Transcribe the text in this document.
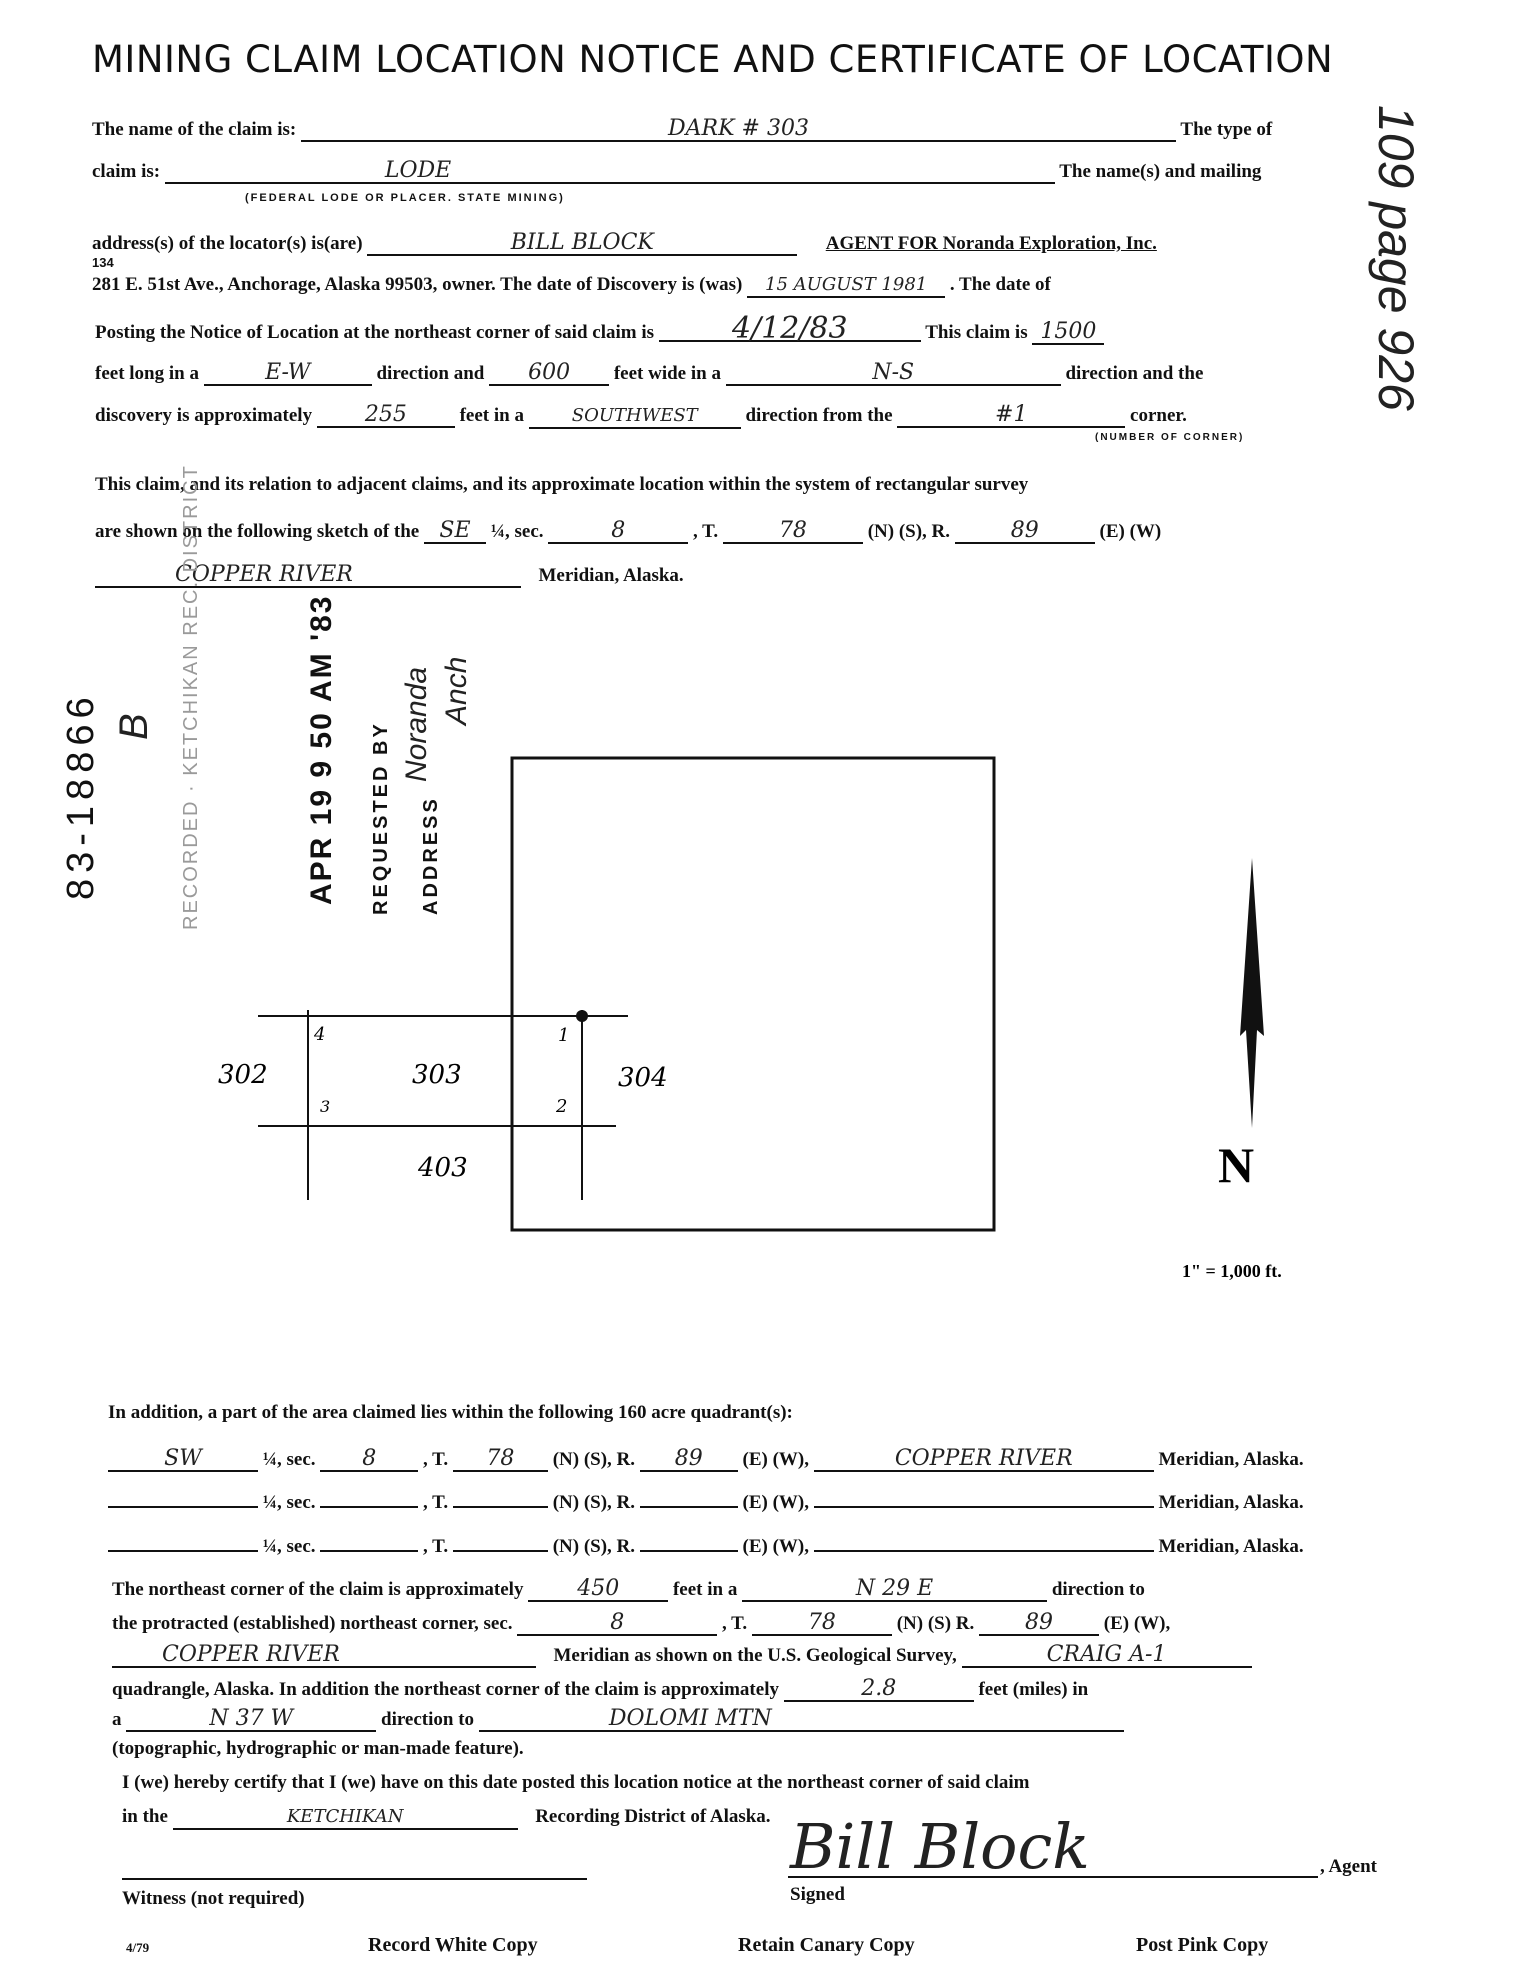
MINING CLAIM LOCATION NOTICE AND CERTIFICATE OF LOCATION
The name of the claim is:	DARK # 303	The type of
claim is:	LODE	The name(s) and mailing
(FEDERAL LODE OR PLACER. STATE MINING)
address(s) of the locator(s) is(are)	BILL BLOCK	AGENT FOR Noranda Exploration, Inc.
134
281 E. 51st Ave., Anchorage, Alaska 99503, owner. The date of Discovery is (was) 15 AUGUST 1981 . The date of
Posting the Notice of Location at the northeast corner of said claim is	4/12/83	This claim is 1500
feet long in a	E-W	direction and 600 feet wide in a	N-S	direction and the
discovery is approximately 255	feet in a	SOUTHWEST	direction from the	#1	corner.
(NUMBER OF CORNER)
This claim, and its relation to adjacent claims, and its approximate location within the system of rectangular survey
are shown on the following sketch of the SE ¼, sec.	8	, T.	78	(N) (S), R.	89	(E) (W)
COPPER RIVER	Meridian, Alaska.
83-18866 B RECORDED · KETCHIKAN REC. DISTRICT	APR 19 9 50 AM '83 REQUESTED BY ADDRESS
Noranda Anch
109 page 926
302	303	304
403
1
2
3
4
N
1" = 1,000 ft.
In addition, a part of the area claimed lies within the following 160 acre quadrant(s):
SW	¼, sec. 8 , T. 78 (N) (S), R. 89 (E) (W),	COPPER RIVER	Meridian, Alaska.
¼, sec.	, T.	(N) (S), R.	(E) (W),	Meridian, Alaska.
¼, sec.	, T.	(N) (S), R.	(E) (W),	Meridian, Alaska.
The northeast corner of the claim is approximately 450	feet in a	N 29 E	direction to
the protracted (established) northeast corner, sec.	8	, T.	78	(N) (S) R. 89	(E) (W),
COPPER RIVER	Meridian as shown on the U.S. Geological Survey,	CRAIG A-1
quadrangle, Alaska. In addition the northeast corner of the claim is approximately	2.8	feet (miles) in
a	N 37 W	direction to	DOLOMI MTN
(topographic, hydrographic or man-made feature).
I (we) hereby certify that I (we) have on this date posted this location notice at the northeast corner of said claim
in the	KETCHIKAN	Recording District of Alaska.
Witness (not required)
Bill Block	, Agent
Signed
4/79	Record White Copy	Retain Canary Copy	Post Pink Copy
